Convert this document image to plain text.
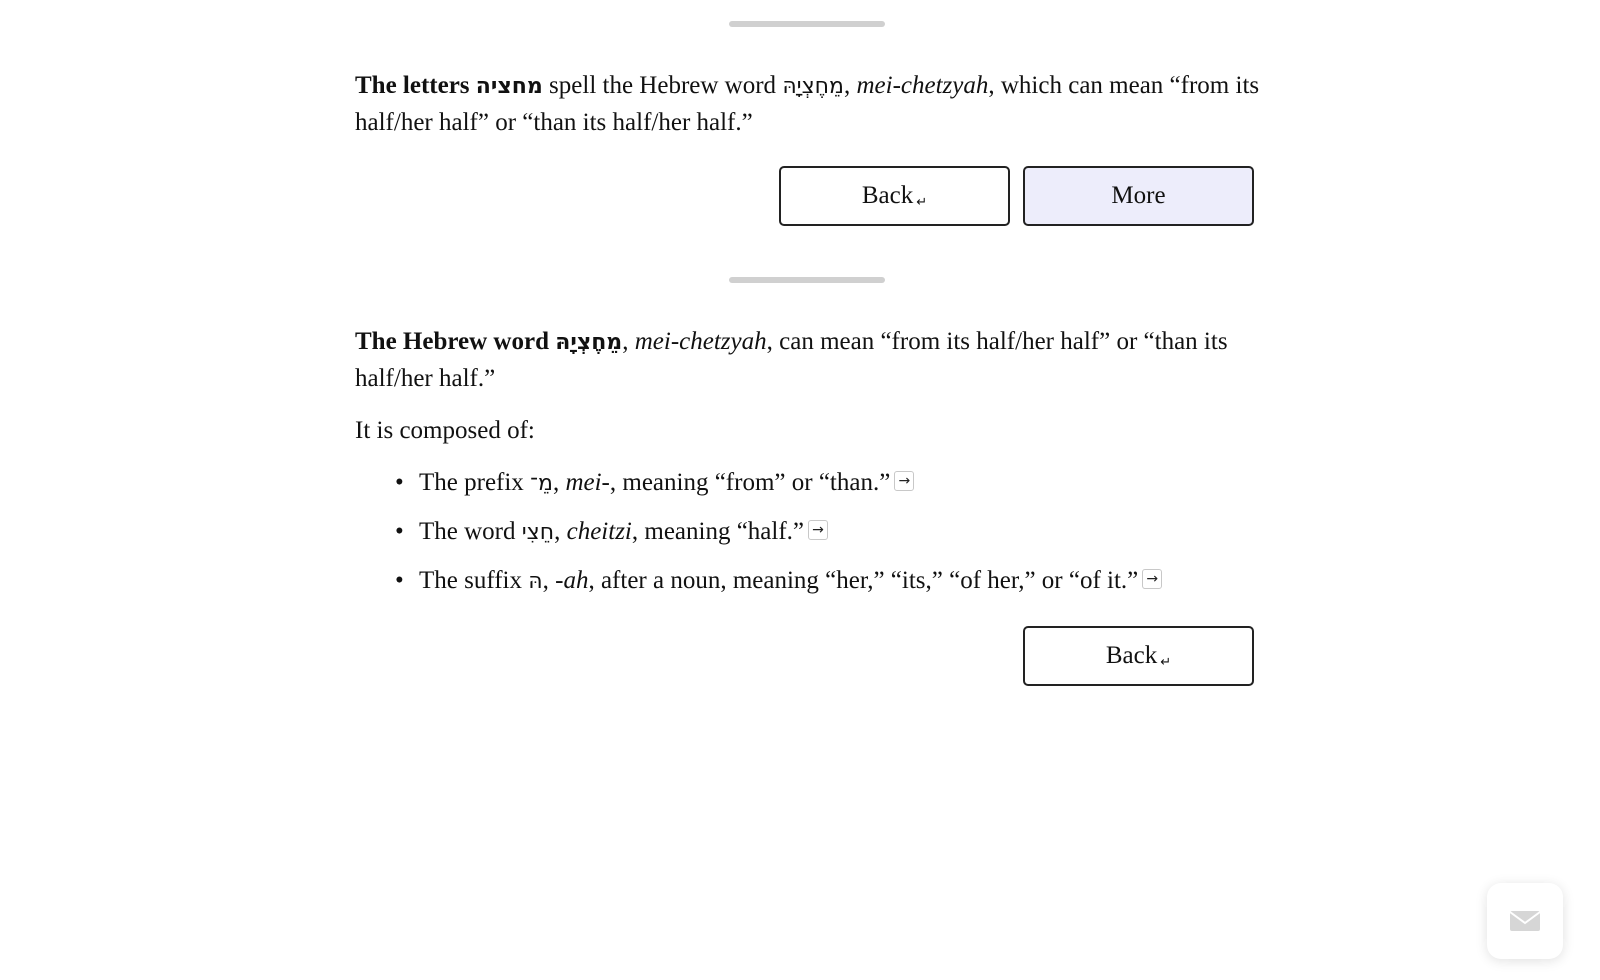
The letters מחציה spell the Hebrew word מֵחֶצְיָהּ, mei-chetzyah, which can mean “from its half/her half” or “than its half/her half.”

Back ↵	More

The Hebrew word מֵחֶצְיָהּ, mei-chetzyah, can mean “from its half/her half” or “than its half/her half.”

It is composed of:

• The prefix מֵ־, mei-, meaning “from” or “than.” →
• The word חֵצִי, cheitzi, meaning “half.” →
• The suffix הּ, -ah, after a noun, meaning “her,” “its,” “of her,” or “of it.” →
Back ↵
